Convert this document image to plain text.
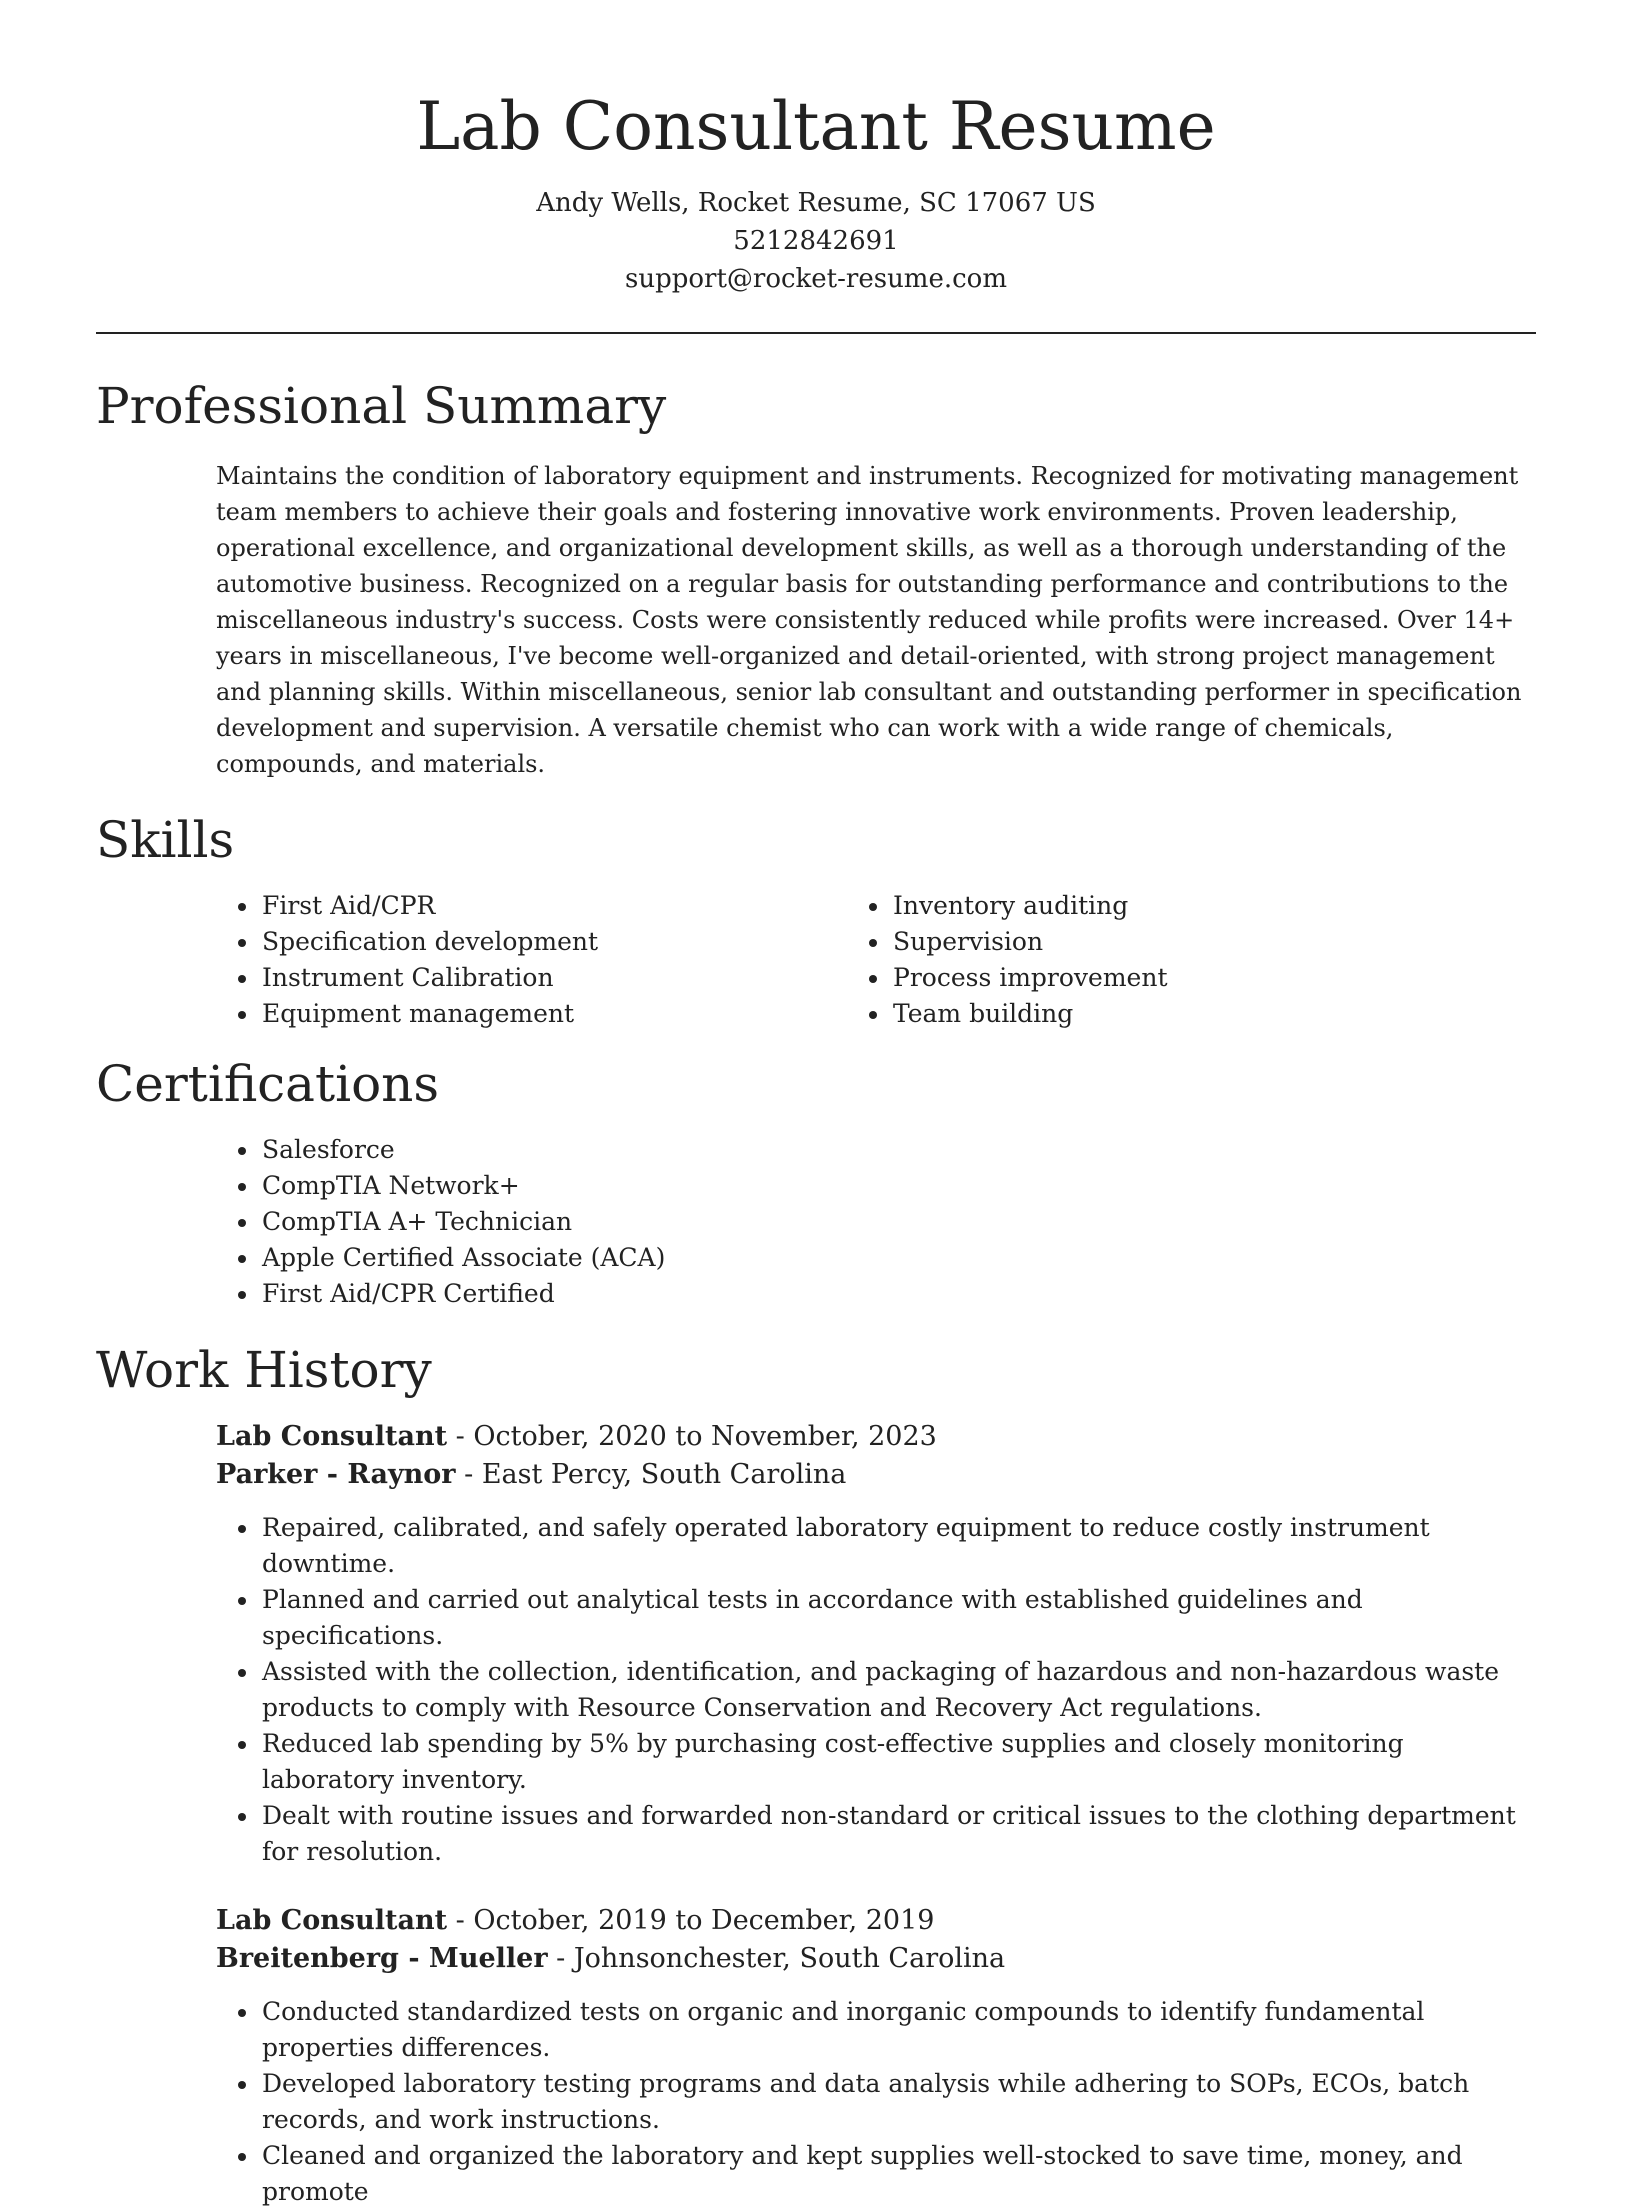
Lab Consultant Resume
Andy Wells, Rocket Resume, SC 17067 US
5212842691
support@rocket-resume.com
Professional Summary

Maintains the condition of laboratory equipment and instruments. Recognized for motivating management team members to achieve their goals and fostering innovative work environments. Proven leadership, operational excellence, and organizational development skills, as well as a thorough understanding of the automotive business. Recognized on a regular basis for outstanding performance and contributions to the miscellaneous industry's success. Costs were consistently reduced while profits were increased. Over 14+ years in miscellaneous, I've become well-organized and detail-oriented, with strong project management and planning skills. Within miscellaneous, senior lab consultant and outstanding performer in specification development and supervision. A versatile chemist who can work with a wide range of chemicals, compounds, and materials.

Skills
• First Aid/CPR
• Specification development
• Instrument Calibration
• Equipment management
• Inventory auditing
• Supervision
• Process improvement
• Team building
Certifications
• Salesforce
• CompTIA Network+
• CompTIA A+ Technician
• Apple Certified Associate (ACA)
• First Aid/CPR Certified
Work History
Lab Consultant - October, 2020 to November, 2023
Parker - Raynor - East Percy, South Carolina
• Repaired, calibrated, and safely operated laboratory equipment to reduce costly instrument downtime.
• Planned and carried out analytical tests in accordance with established guidelines and specifications.
• Assisted with the collection, identification, and packaging of hazardous and non-hazardous waste products to comply with Resource Conservation and Recovery Act regulations.
• Reduced lab spending by 5% by purchasing cost-effective supplies and closely monitoring laboratory inventory.
• Dealt with routine issues and forwarded non-standard or critical issues to the clothing department for resolution.
Lab Consultant - October, 2019 to December, 2019
Breitenberg - Mueller - Johnsonchester, South Carolina
• Conducted standardized tests on organic and inorganic compounds to identify fundamental properties differences.
• Developed laboratory testing programs and data analysis while adhering to SOPs, ECOs, batch records, and work instructions.
• Cleaned and organized the laboratory and kept supplies well-stocked to save time, money, and promote
